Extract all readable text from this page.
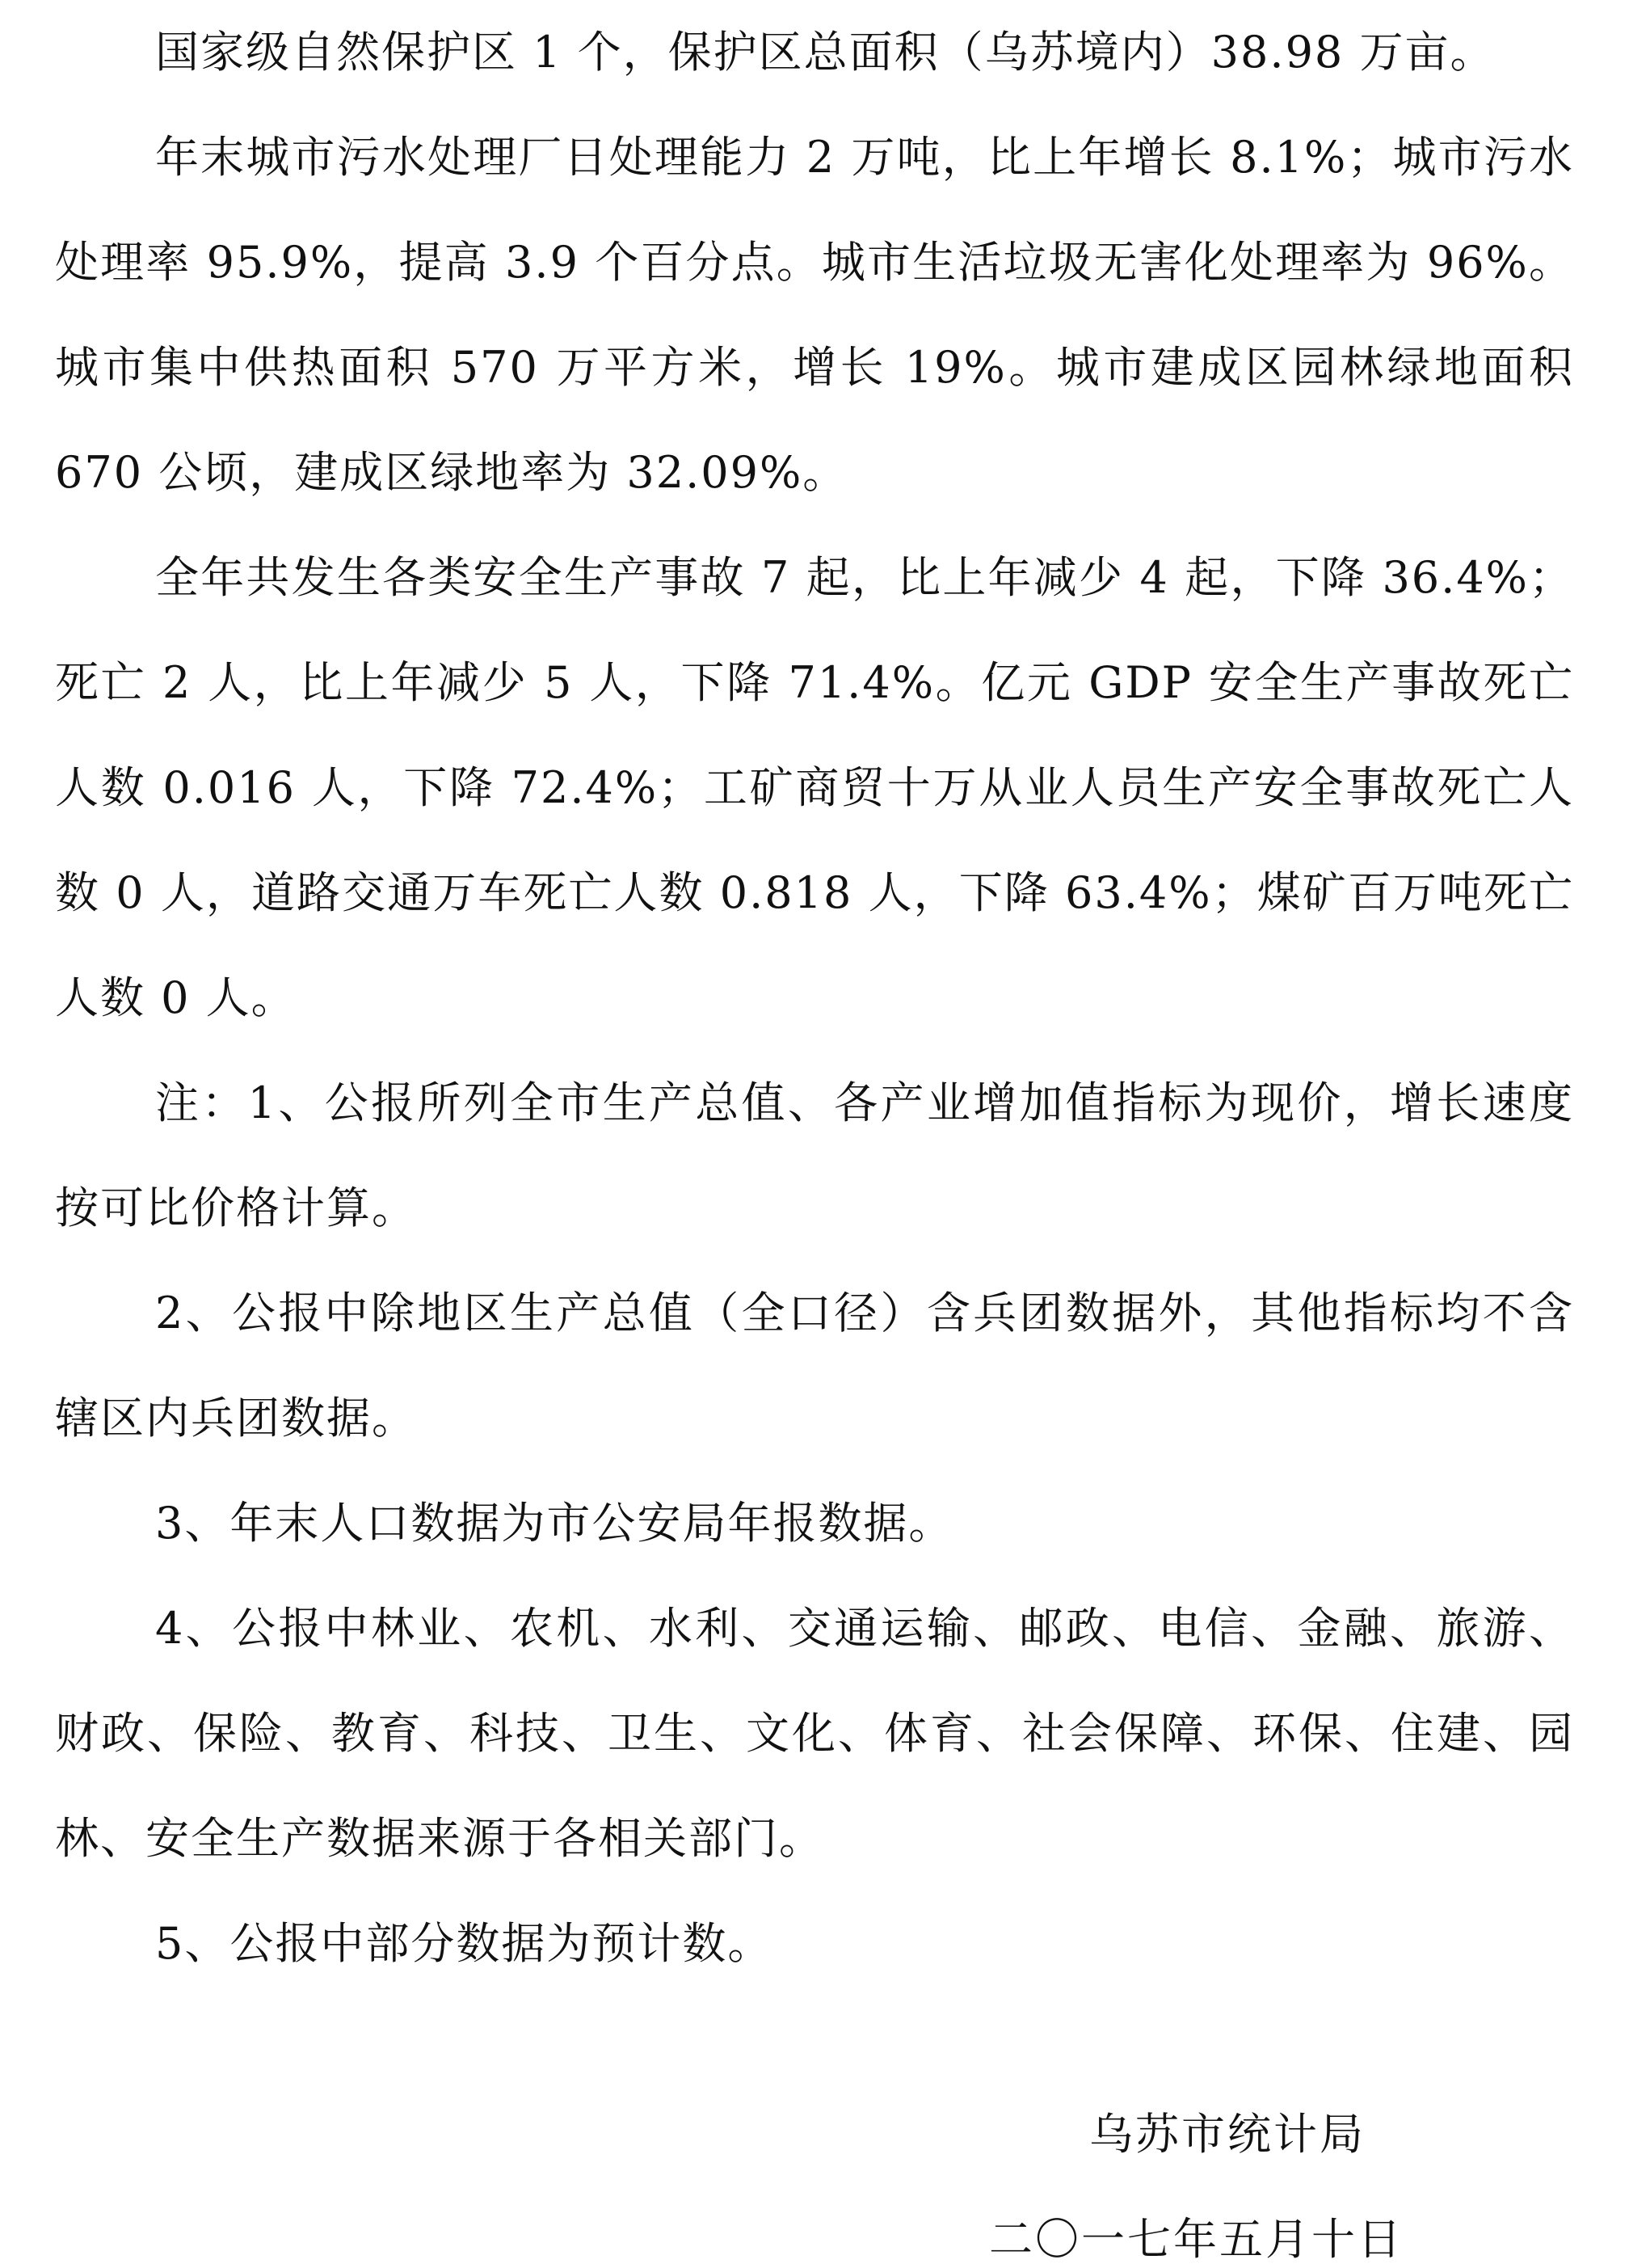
国家级自然保护区 1 个，保护区总面积（乌苏境内）38.98 万亩。

年末城市污水处理厂日处理能力 2 万吨，比上年增长 8.1%；城市污水处理率 95.9%，提高 3.9 个百分点。城市生活垃圾无害化处理率为 96%。城市集中供热面积 570 万平方米，增长 19%。城市建成区园林绿地面积 670 公顷，建成区绿地率为 32.09%。

全年共发生各类安全生产事故 7 起，比上年减少 4 起，下降 36.4%；死亡 2 人，比上年减少 5 人，下降 71.4%。亿元 GDP 安全生产事故死亡人数 0.016 人，下降 72.4%；工矿商贸十万从业人员生产安全事故死亡人数 0 人，道路交通万车死亡人数 0.818 人，下降 63.4%；煤矿百万吨死亡人数 0 人。

注：1、公报所列全市生产总值、各产业增加值指标为现价，增长速度按可比价格计算。

2、公报中除地区生产总值（全口径）含兵团数据外，其他指标均不含辖区内兵团数据。

3、年末人口数据为市公安局年报数据。

4、公报中林业、农机、水利、交通运输、邮政、电信、金融、旅游、财政、保险、教育、科技、卫生、文化、体育、社会保障、环保、住建、园林、安全生产数据来源于各相关部门。

5、公报中部分数据为预计数。

乌苏市统计局
二〇一七年五月十日
